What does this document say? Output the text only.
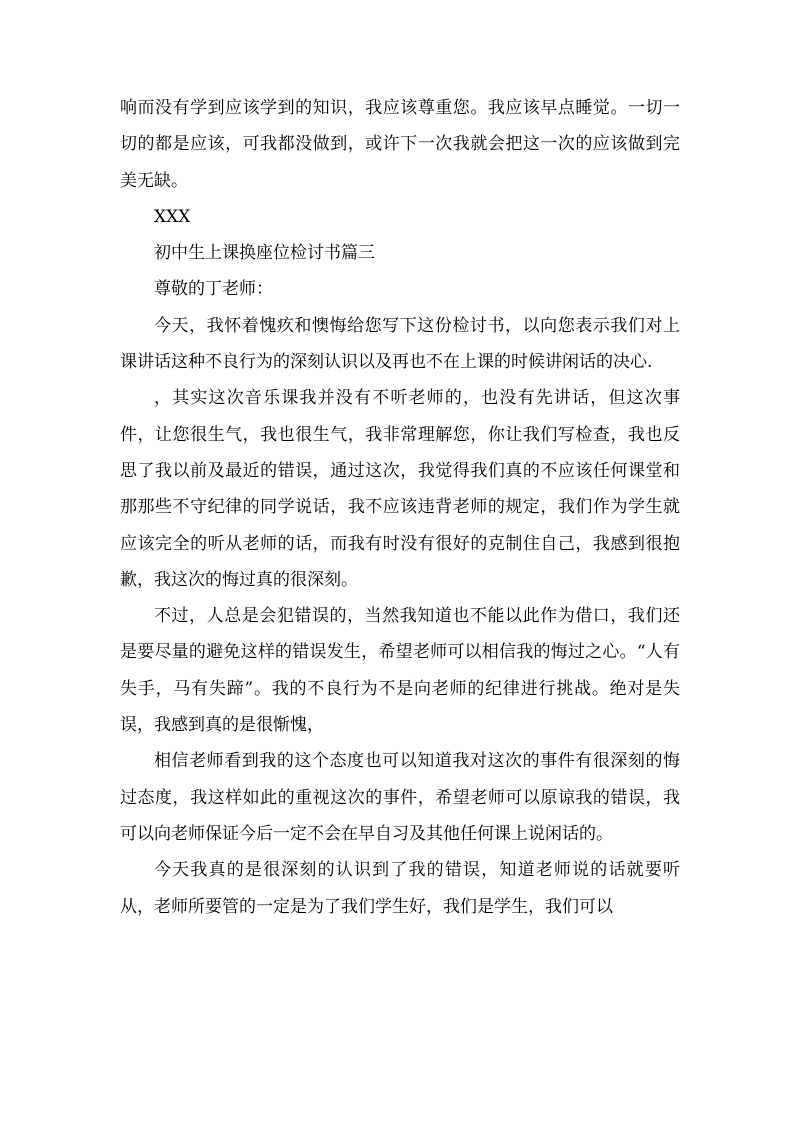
响而没有学到应该学到的知识，我应该尊重您。我应该早点睡觉。一切一切的都是应该，可我都没做到，或许下一次我就会把这一次的应该做到完美无缺。

XXX

初中生上课换座位检讨书篇三

尊敬的丁老师：

今天，我怀着愧疚和懊悔给您写下这份检讨书，以向您表示我们对上课讲话这种不良行为的深刻认识以及再也不在上课的时候讲闲话的决心.

，其实这次音乐课我并没有不听老师的，也没有先讲话，但这次事件，让您很生气，我也很生气，我非常理解您，你让我们写检查，我也反思了我以前及最近的错误，通过这次，我觉得我们真的不应该任何课堂和那那些不守纪律的同学说话，我不应该违背老师的规定，我们作为学生就应该完全的听从老师的话，而我有时没有很好的克制住自己，我感到很抱歉，我这次的悔过真的很深刻。

不过，人总是会犯错误的，当然我知道也不能以此作为借口，我们还是要尽量的避免这样的错误发生，希望老师可以相信我的悔过之心。“人有失手，马有失蹄”。我的不良行为不是向老师的纪律进行挑战。绝对是失误，我感到真的是很惭愧，

相信老师看到我的这个态度也可以知道我对这次的事件有很深刻的悔过态度，我这样如此的重视这次的事件，希望老师可以原谅我的错误，我可以向老师保证今后一定不会在早自习及其他任何课上说闲话的。

今天我真的是很深刻的认识到了我的错误，知道老师说的话就要听从，老师所要管的一定是为了我们学生好，我们是学生，我们可以
